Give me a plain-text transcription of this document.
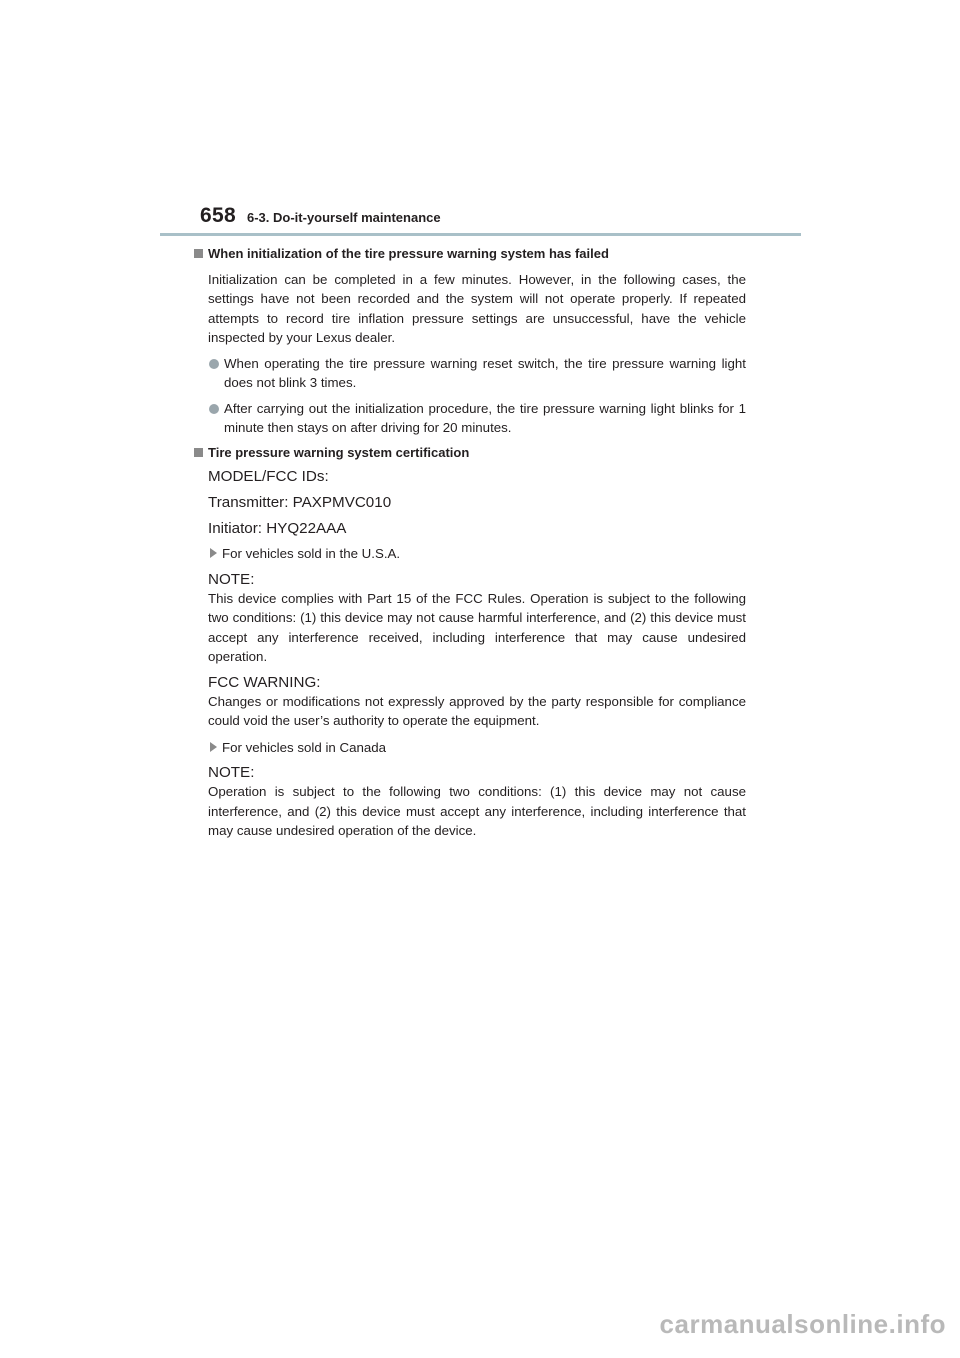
658 6-3. Do-it-yourself maintenance
When initialization of the tire pressure warning system has failed

Initialization can be completed in a few minutes. However, in the following cases, the settings have not been recorded and the system will not operate properly. If repeated attempts to record tire inflation pressure settings are unsuccessful, have the vehicle inspected by your Lexus dealer.

When operating the tire pressure warning reset switch, the tire pressure warning light does not blink 3 times.
After carrying out the initialization procedure, the tire pressure warning light blinks for 1 minute then stays on after driving for 20 minutes.
Tire pressure warning system certification
MODEL/FCC IDs:
Transmitter: PAXPMVC010
Initiator: HYQ22AAA
For vehicles sold in the U.S.A.
NOTE:

This device complies with Part 15 of the FCC Rules. Operation is subject to the following two conditions: (1) this device may not cause harmful interference, and (2) this device must accept any interference received, including interference that may cause undesired operation.

FCC WARNING:

Changes or modifications not expressly approved by the party responsible for compliance could void the user’s authority to operate the equipment.

For vehicles sold in Canada
NOTE:

Operation is subject to the following two conditions: (1) this device may not cause interference, and (2) this device must accept any interference, including interference that may cause undesired operation of the device.

carmanualsonline.info
